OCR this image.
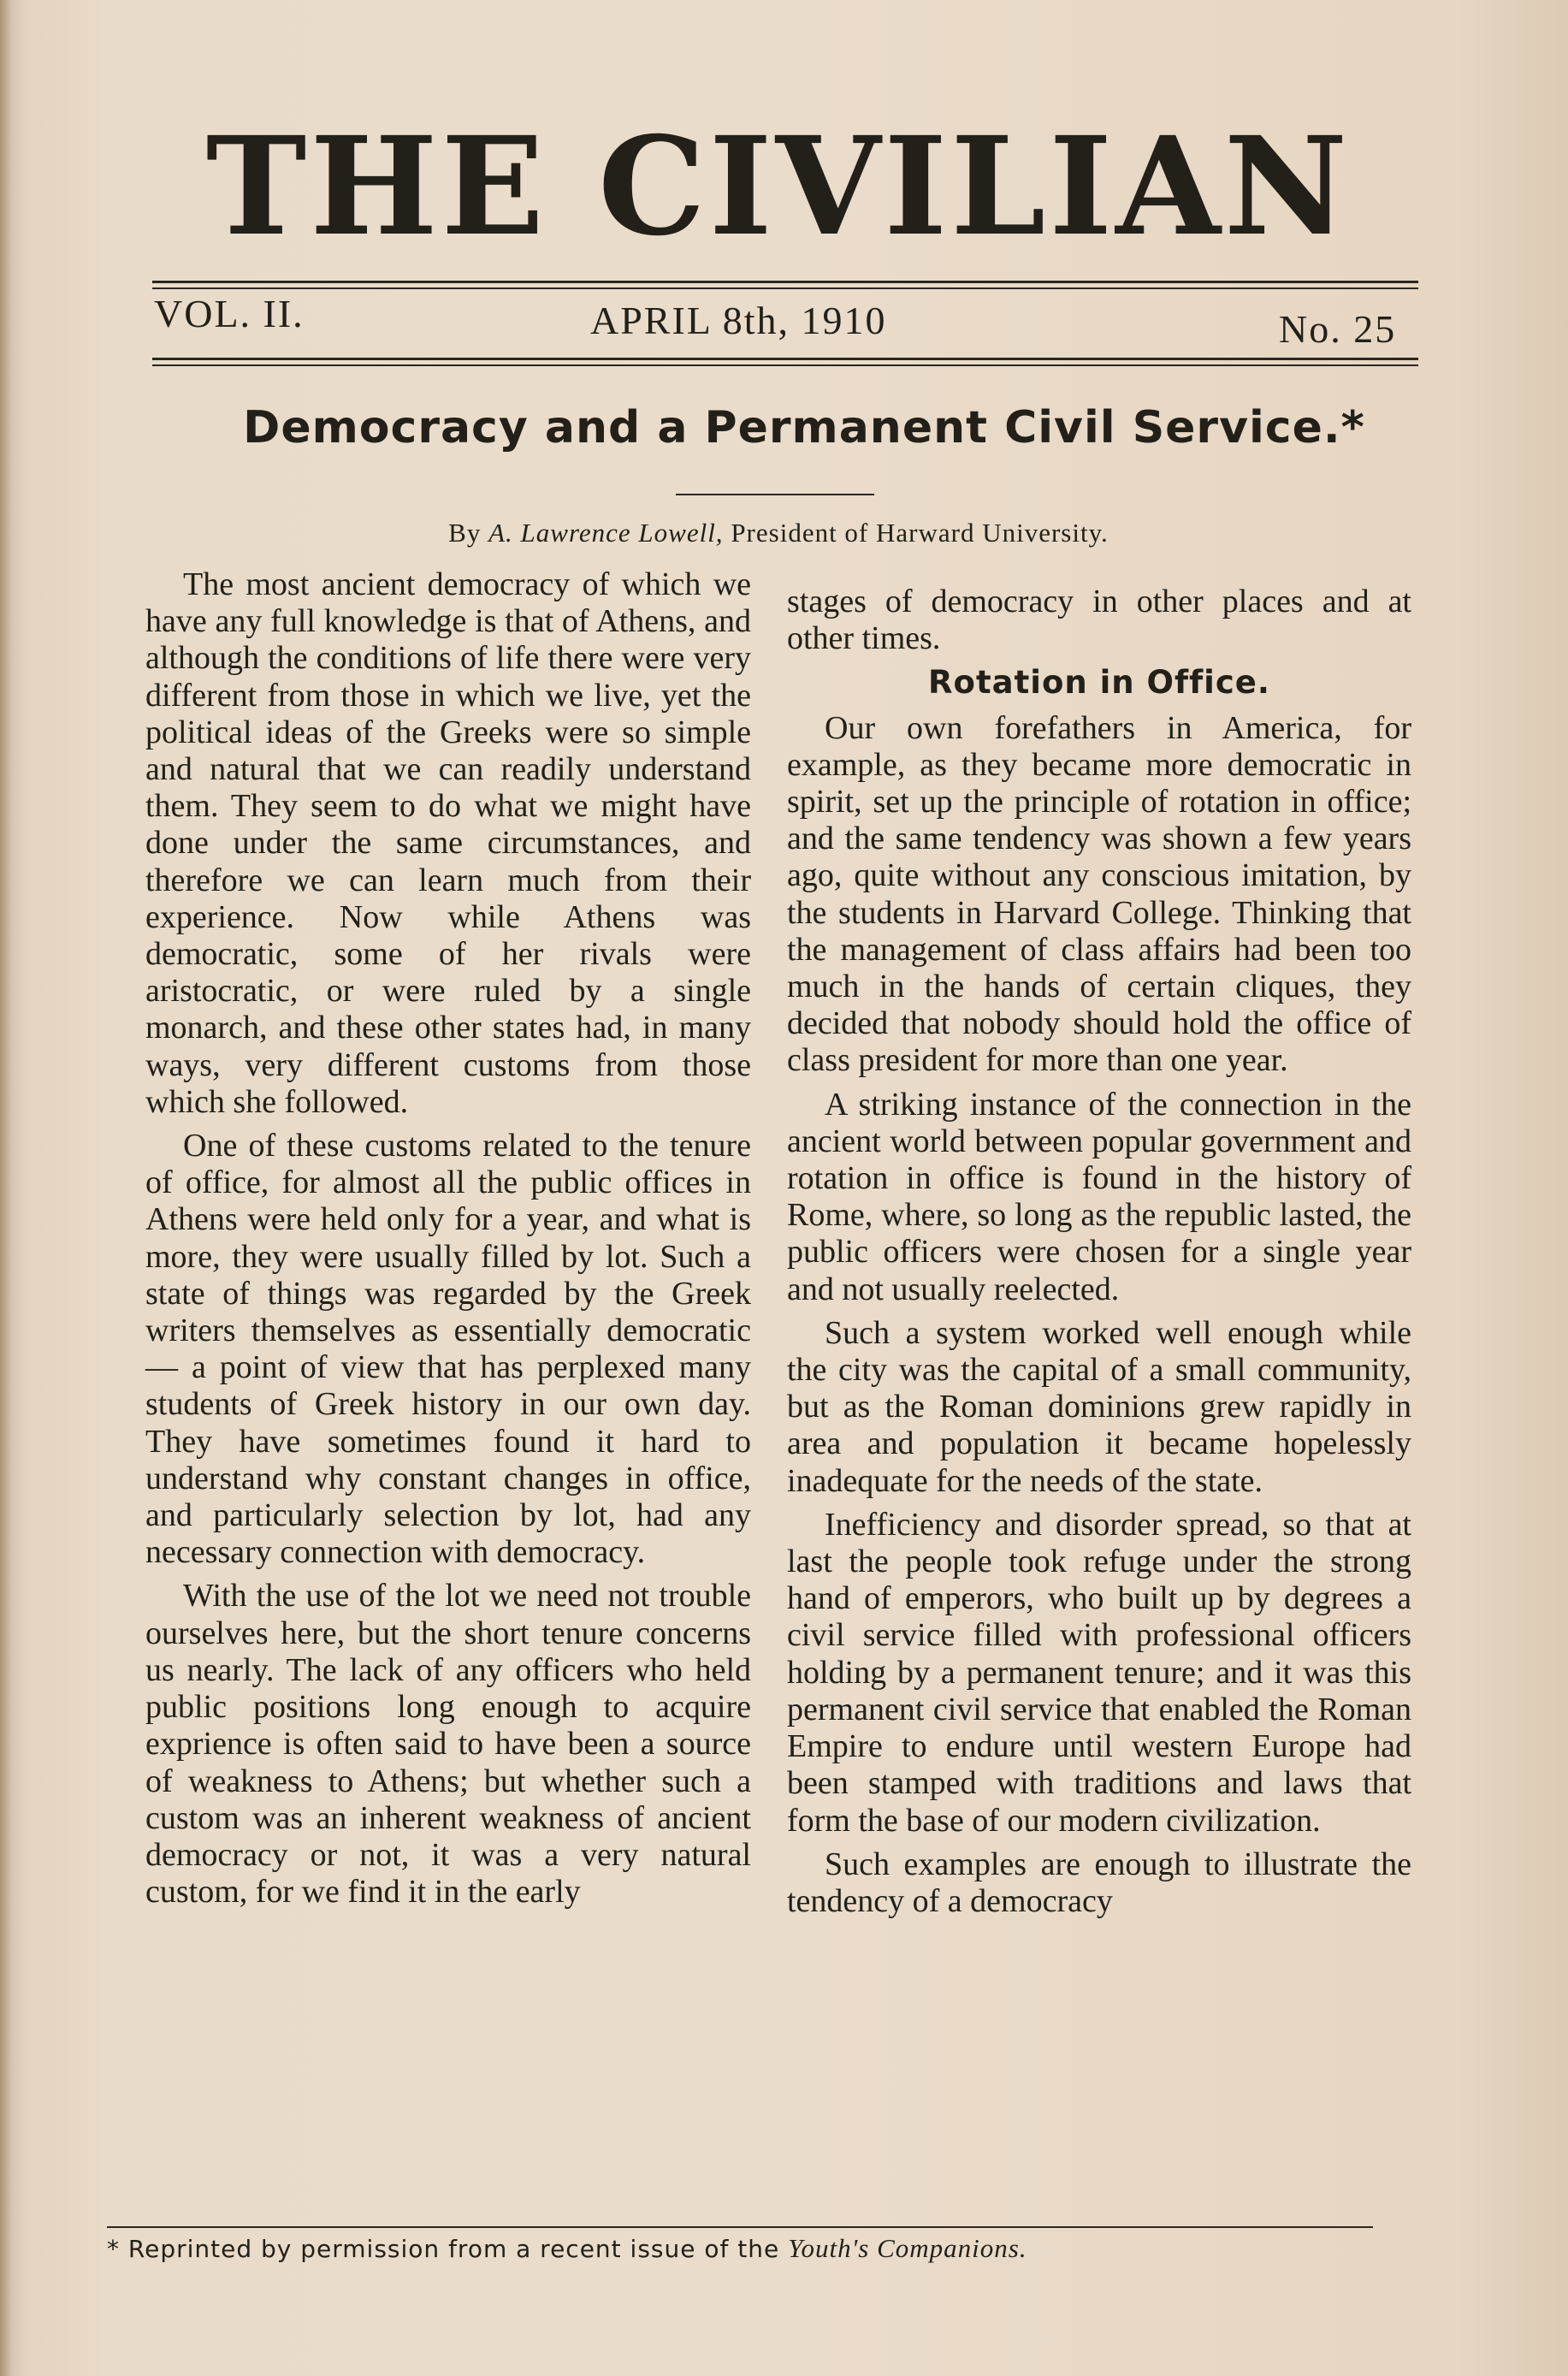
THE CIVILIAN
VOL. II.	APRIL 8th, 1910	No. 25
Democracy and a Permanent Civil Service.*
By A. Lawrence Lowell, President of Harward University.

The most ancient democracy of which we have any full knowledge is that of Athens, and although the conditions of life there were very different from those in which we live, yet the political ideas of the Greeks were so simple and natural that we can readily understand them. They seem to do what we might have done under the same circumstances, and therefore we can learn much from their experience. Now while Athens was democratic, some of her rivals were aristocratic, or were ruled by a single monarch, and these other states had, in many ways, very different customs from those which she followed.

One of these customs related to the tenure of office, for almost all the public offices in Athens were held only for a year, and what is more, they were usually filled by lot. Such a state of things was regarded by the Greek writers themselves as essentially democratic — a point of view that has perplexed many students of Greek history in our own day. They have sometimes found it hard to understand why constant changes in office, and particularly selection by lot, had any necessary connection with democracy.

With the use of the lot we need not trouble ourselves here, but the short tenure concerns us nearly. The lack of any officers who held public positions long enough to acquire exprience is often said to have been a source of weakness to Athens; but whether such a custom was an inherent weakness of ancient democracy or not, it was a very natural custom, for we find it in the early

stages of democracy in other places and at other times.

Rotation in Office.

Our own forefathers in America, for example, as they became more democratic in spirit, set up the principle of rotation in office; and the same tendency was shown a few years ago, quite without any conscious imitation, by the students in Harvard College. Thinking that the management of class affairs had been too much in the hands of certain cliques, they decided that nobody should hold the office of class president for more than one year.

A striking instance of the connection in the ancient world between popular government and rotation in office is found in the history of Rome, where, so long as the republic lasted, the public officers were chosen for a single year and not usually reelected.

Such a system worked well enough while the city was the capital of a small community, but as the Roman dominions grew rapidly in area and population it became hopelessly inadequate for the needs of the state.

Inefficiency and disorder spread, so that at last the people took refuge under the strong hand of emperors, who built up by degrees a civil service filled with professional officers holding by a permanent tenure; and it was this permanent civil service that enabled the Roman Empire to endure until western Europe had been stamped with traditions and laws that form the base of our modern civilization.

Such examples are enough to illustrate the tendency of a democracy

* Reprinted by permission from a recent issue of the Youth's Companions.
